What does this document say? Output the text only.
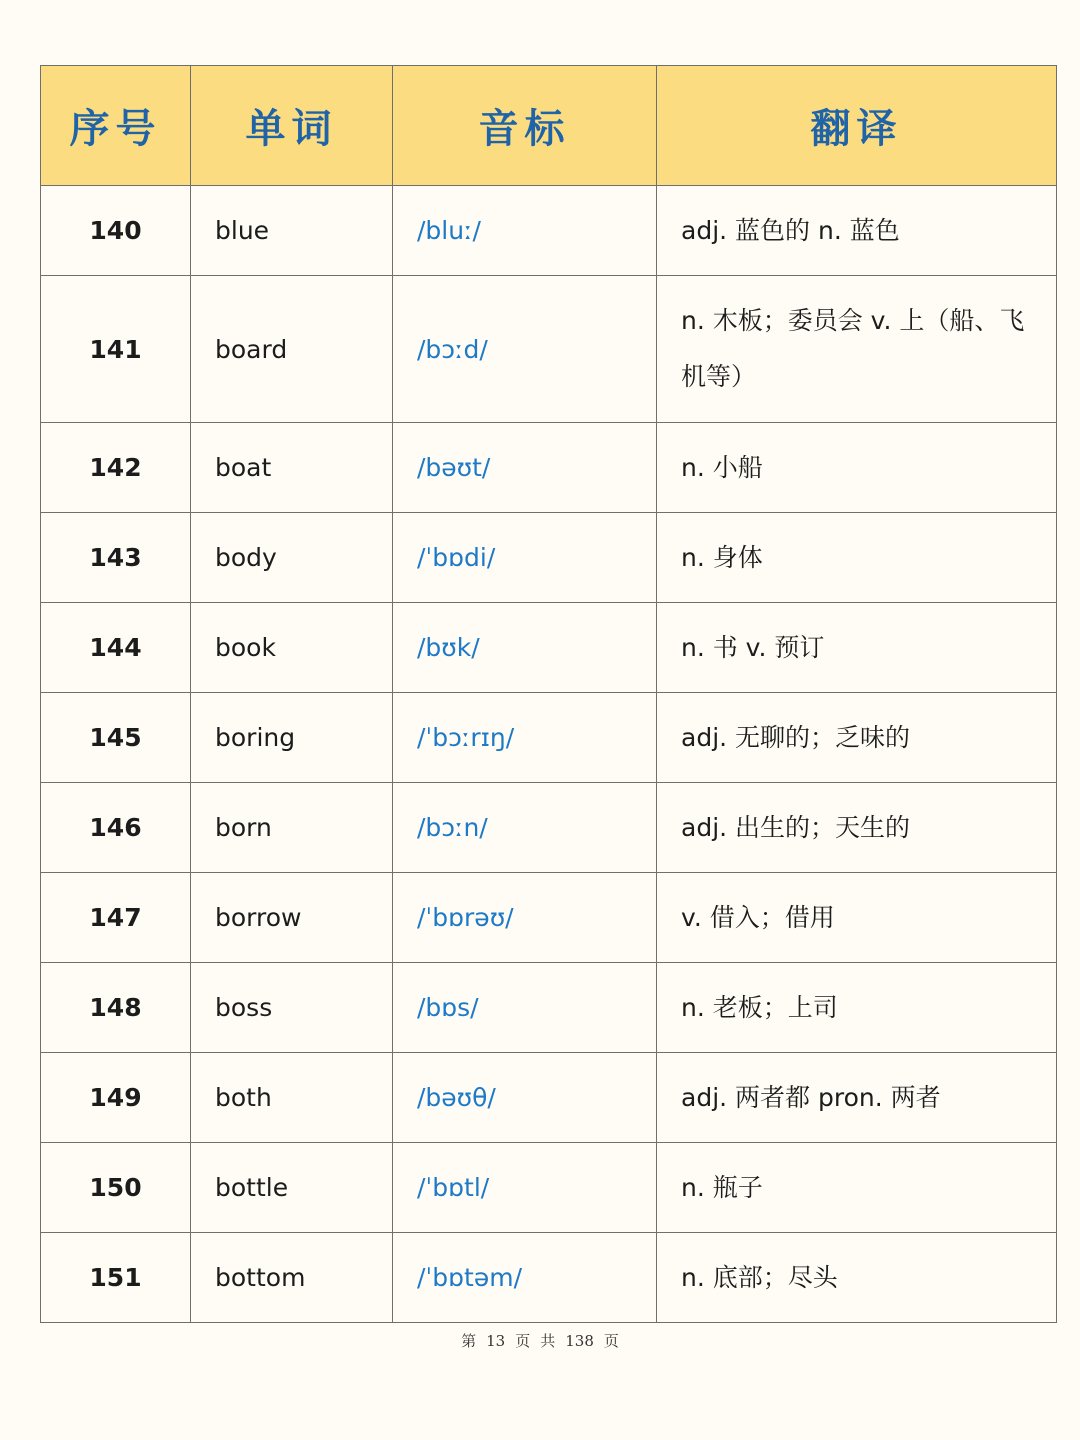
序号	单词	音标	翻译
140	blue	/bluː/	adj. 蓝色的 n. 蓝色
141	board	/bɔːd/	n. 木板；委员会 v. 上（船、飞机等）
142	boat	/bəʊt/	n. 小船
143	body	/ˈbɒdi/	n. 身体
144	book	/bʊk/	n. 书 v. 预订
145	boring	/ˈbɔːrɪŋ/	adj. 无聊的；乏味的
146	born	/bɔːn/	adj. 出生的；天生的
147	borrow	/ˈbɒrəʊ/	v. 借入；借用
148	boss	/bɒs/	n. 老板；上司
149	both	/bəʊθ/	adj. 两者都 pron. 两者
150	bottle	/ˈbɒtl/	n. 瓶子
151	bottom	/ˈbɒtəm/	n. 底部；尽头
第 13 页 共 138 页
